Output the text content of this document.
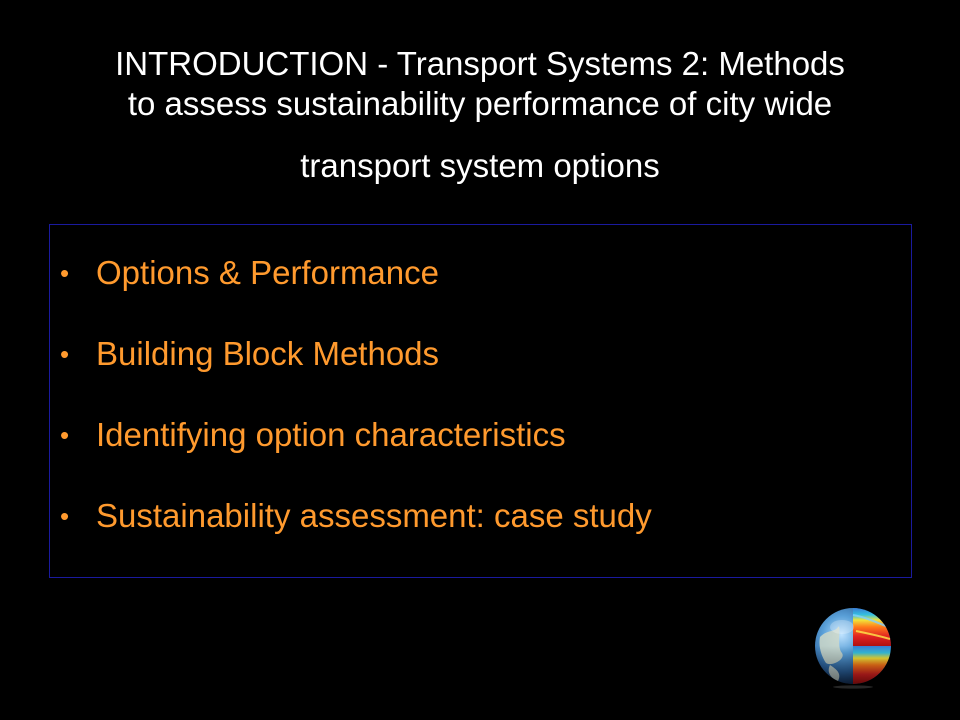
INTRODUCTION - Transport Systems 2: Methods
to assess sustainability performance of city wide
transport system options
• Options & Performance
• Building Block Methods
• Identifying option characteristics
• Sustainability assessment: case study
